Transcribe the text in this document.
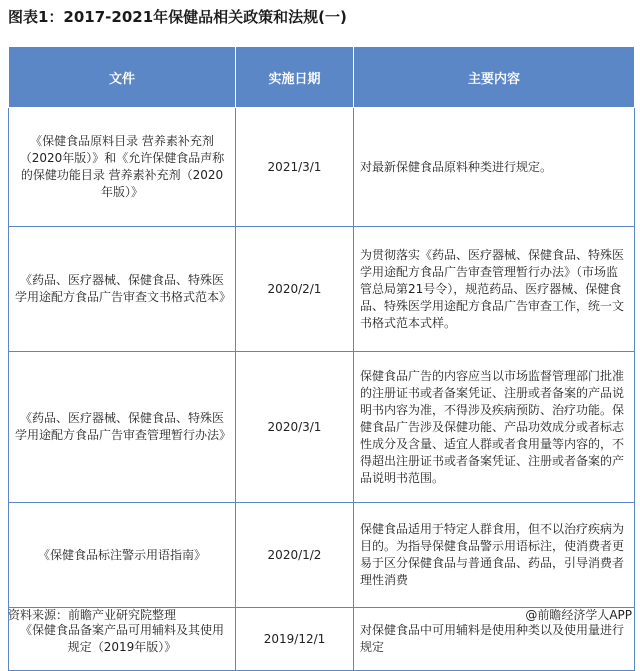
图表1：2017-2021年保健品相关政策和法规(一)
文件	实施日期	主要内容
《保健食品原料目录 营养素补充剂（2020年版）》和《允许保健食品声称的保健功能目录 营养素补充剂（2020年版）》	2021/3/1	对最新保健食品原料种类进行规定。
《药品、医疗器械、保健食品、特殊医学用途配方食品广告审查文书格式范本》	2020/2/1	为贯彻落实《药品、医疗器械、保健食品、特殊医学用途配方食品广告审查管理暂行办法》（市场监管总局第21号令），规范药品、医疗器械、保健食品、特殊医学用途配方食品广告审查工作，统一文书格式范本式样。
《药品、医疗器械、保健食品、特殊医学用途配方食品广告审查管理暂行办法》	2020/3/1	保健食品广告的内容应当以市场监督管理部门批准的注册证书或者备案凭证、注册或者备案的产品说明书内容为准，不得涉及疾病预防、治疗功能。保健食品广告涉及保健功能、产品功效成分或者标志性成分及含量、适宜人群或者食用量等内容的，不得超出注册证书或者备案凭证、注册或者备案的产品说明书范围。
《保健食品标注警示用语指南》	2020/1/2	保健食品适用于特定人群食用，但不以治疗疾病为目的。为指导保健食品警示用语标注，使消费者更易于区分保健食品与普通食品、药品，引导消费者理性消费
《保健食品备案产品可用辅料及其使用规定（2019年版）》	2019/12/1	对保健食品中可用辅料是使用种类以及使用量进行规定
资料来源：前瞻产业研究院整理	@前瞻经济学人APP
